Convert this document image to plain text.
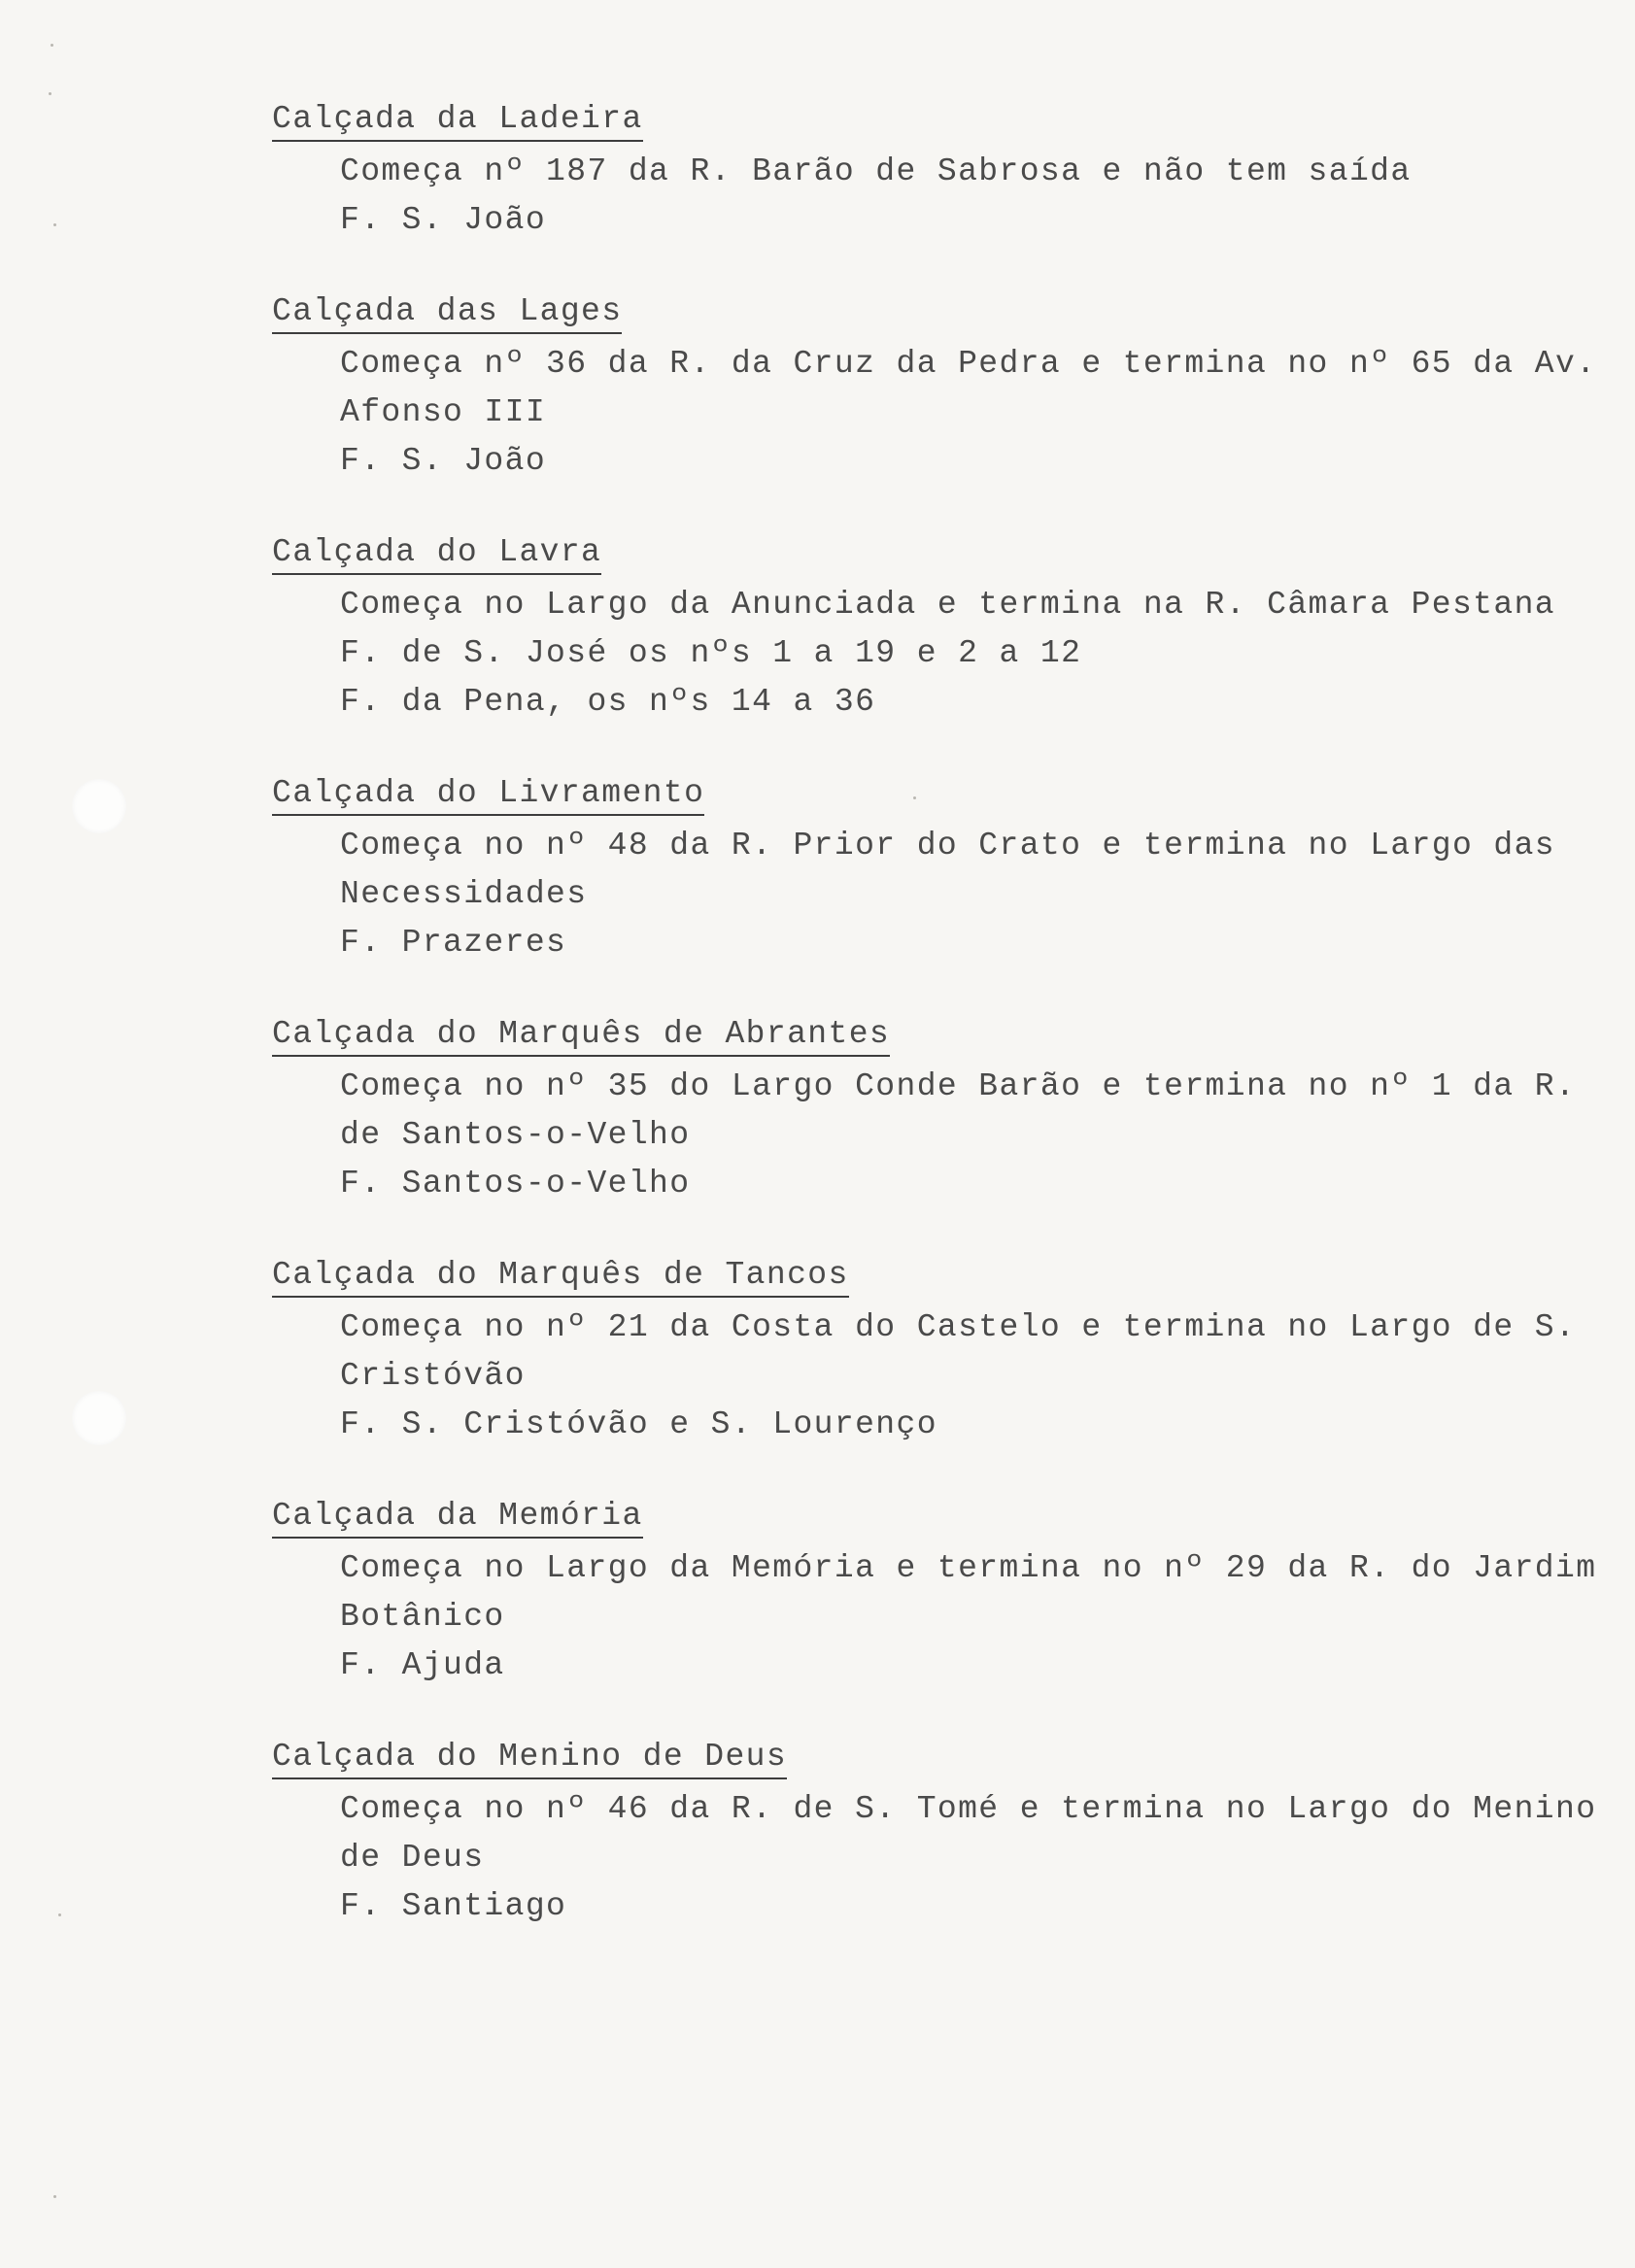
Calçada da Ladeira
Começa nº 187 da R. Barão de Sabrosa e não tem saída
F. S. João
Calçada das Lages
Começa nº 36 da R. da Cruz da Pedra e termina no nº 65 da Av.
Afonso III
F. S. João
Calçada do Lavra
Começa no Largo da Anunciada e termina na R. Câmara Pestana
F. de S. José os nºs 1 a 19 e 2 a 12
F. da Pena, os nºs 14 a 36
Calçada do Livramento
Começa no nº 48 da R. Prior do Crato e termina no Largo das
Necessidades
F. Prazeres
Calçada do Marquês de Abrantes
Começa no nº 35 do Largo Conde Barão e termina no nº 1 da R.
de Santos-o-Velho
F. Santos-o-Velho
Calçada do Marquês de Tancos
Começa no nº 21 da Costa do Castelo e termina no Largo de S.
Cristóvão
F. S. Cristóvão e S. Lourenço
Calçada da Memória
Começa no Largo da Memória e termina no nº 29 da R. do Jardim
Botânico
F. Ajuda
Calçada do Menino de Deus
Começa no nº 46 da R. de S. Tomé e termina no Largo do Menino
de Deus
F. Santiago
